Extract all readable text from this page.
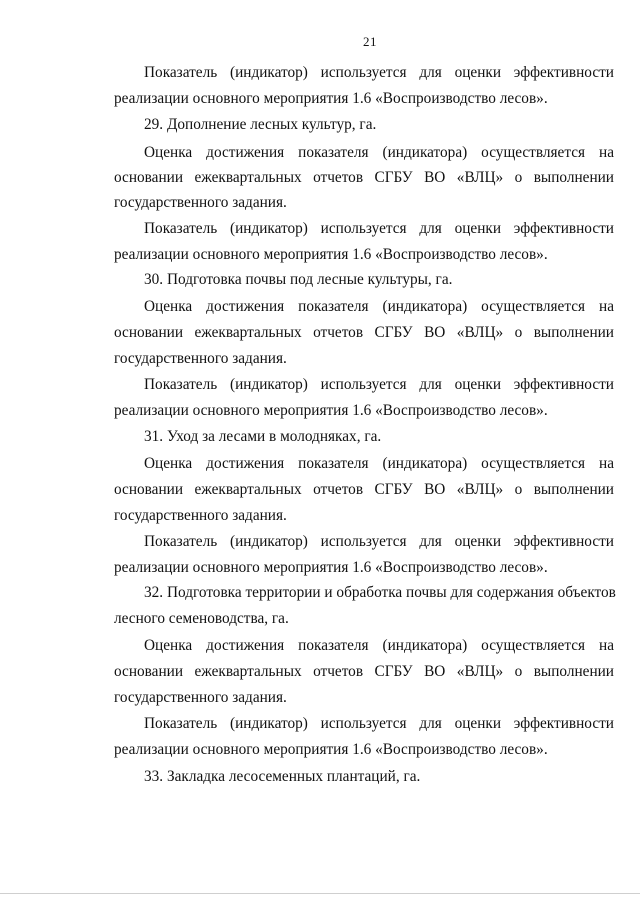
21
Показатель (индикатор) используется для оценки эффективности
реализации основного мероприятия 1.6 «Воспроизводство лесов».
29. Дополнение лесных культур, га.
Оценка достижения показателя (индикатора) осуществляется на
основании ежеквартальных отчетов СГБУ ВО «ВЛЦ» о выполнении
государственного задания.
Показатель (индикатор) используется для оценки эффективности
реализации основного мероприятия 1.6 «Воспроизводство лесов».
30. Подготовка почвы под лесные культуры, га.
Оценка достижения показателя (индикатора) осуществляется на
основании ежеквартальных отчетов СГБУ ВО «ВЛЦ» о выполнении
государственного задания.
Показатель (индикатор) используется для оценки эффективности
реализации основного мероприятия 1.6 «Воспроизводство лесов».
31. Уход за лесами в молодняках, га.
Оценка достижения показателя (индикатора) осуществляется на
основании ежеквартальных отчетов СГБУ ВО «ВЛЦ» о выполнении
государственного задания.
Показатель (индикатор) используется для оценки эффективности
реализации основного мероприятия 1.6 «Воспроизводство лесов».
32. Подготовка территории и обработка почвы для содержания объектов
лесного семеноводства, га.
Оценка достижения показателя (индикатора) осуществляется на
основании ежеквартальных отчетов СГБУ ВО «ВЛЦ» о выполнении
государственного задания.
Показатель (индикатор) используется для оценки эффективности
реализации основного мероприятия 1.6 «Воспроизводство лесов».
33. Закладка лесосеменных плантаций, га.
